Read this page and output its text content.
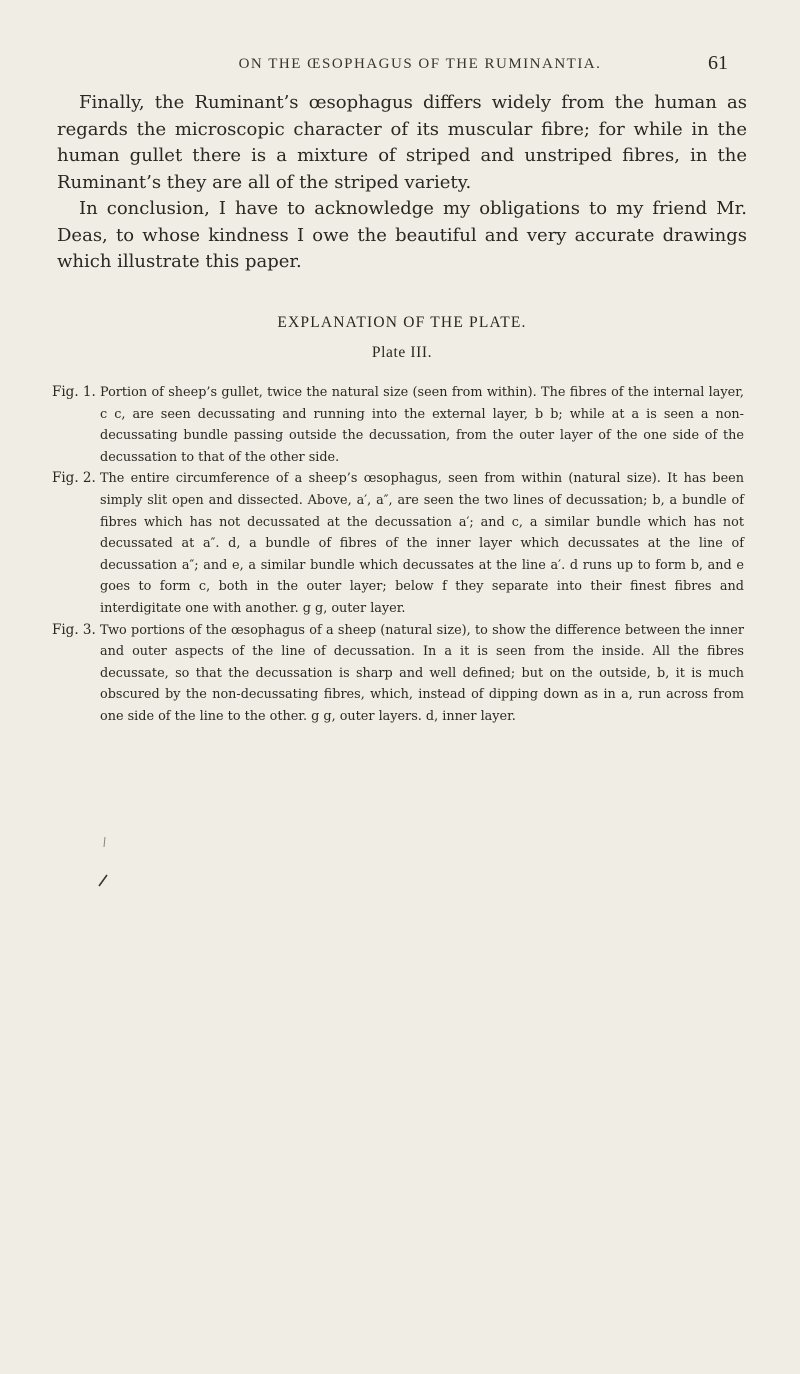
ON THE ŒSOPHAGUS OF THE RUMINANTIA.	61

Finally, the Ruminant’s œsophagus differs widely from the human as regards the microscopic character of its muscular fibre; for while in the human gullet there is a mixture of striped and unstriped fibres, in the Ruminant’s they are all of the striped variety.

In conclusion, I have to acknowledge my obligations to my friend Mr. Deas, to whose kindness I owe the beautiful and very accurate drawings which illustrate this paper.

EXPLANATION OF THE PLATE.
Plate III.
Fig. 1. Portion of sheep’s gullet, twice the natural size (seen from within). The fibres of the internal layer, c c, are seen decussating and running into the external layer, b b; while at a is seen a non-decussating bundle passing outside the decussation, from the outer layer of the one side of the decussation to that of the other side.
Fig. 2. The entire circumference of a sheep’s œsophagus, seen from within (natural size). It has been simply slit open and dissected. Above, a′, a″, are seen the two lines of decussation; b, a bundle of fibres which has not decussated at the decussation a′; and c, a similar bundle which has not decussated at a″. d, a bundle of fibres of the inner layer which decussates at the line of decussation a″; and e, a similar bundle which decussates at the line a′. d runs up to form b, and e goes to form c, both in the outer layer; below f they separate into their finest fibres and interdigitate one with another. g g, outer layer.
Fig. 3. Two portions of the œsophagus of a sheep (natural size), to show the difference between the inner and outer aspects of the line of decussation. In a it is seen from the inside. All the fibres decussate, so that the decussation is sharp and well defined; but on the outside, b, it is much obscured by the non-decussating fibres, which, instead of dipping down as in a, run across from one side of the line to the other. g g, outer layers. d, inner layer.
